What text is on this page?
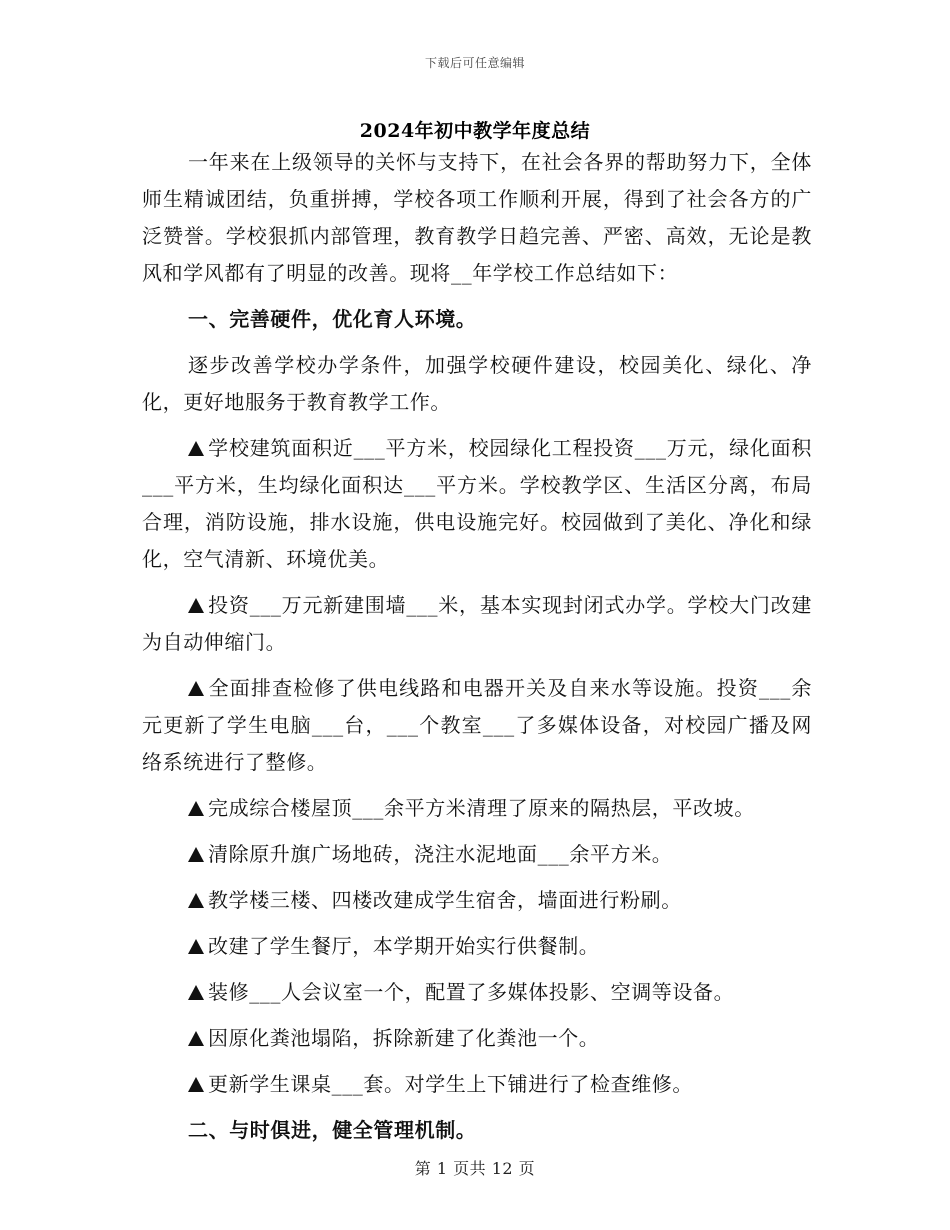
下载后可任意编辑
2024年初中教学年度总结

一年来在上级领导的关怀与支持下，在社会各界的帮助努力下，全体师生精诚团结，负重拼搏，学校各项工作顺利开展，得到了社会各方的广泛赞誉。学校狠抓内部管理，教育教学日趋完善、严密、高效，无论是教风和学风都有了明显的改善。现将__年学校工作总结如下：

一、完善硬件，优化育人环境。

逐步改善学校办学条件，加强学校硬件建设，校园美化、绿化、净化，更好地服务于教育教学工作。

学校建筑面积近___平方米，校园绿化工程投资___万元，绿化面积___平方米，生均绿化面积达___平方米。学校教学区、生活区分离，布局合理，消防设施，排水设施，供电设施完好。校园做到了美化、净化和绿化，空气清新、环境优美。

投资___万元新建围墙___米，基本实现封闭式办学。学校大门改建为自动伸缩门。

全面排查检修了供电线路和电器开关及自来水等设施。投资___余元更新了学生电脑___台，___个教室___了多媒体设备，对校园广播及网络系统进行了整修。

完成综合楼屋顶___余平方米清理了原来的隔热层，平改坡。

清除原升旗广场地砖，浇注水泥地面___余平方米。

教学楼三楼、四楼改建成学生宿舍，墙面进行粉刷。

改建了学生餐厅，本学期开始实行供餐制。

装修___人会议室一个，配置了多媒体投影、空调等设备。

因原化粪池塌陷，拆除新建了化粪池一个。

更新学生课桌___套。对学生上下铺进行了检查维修。

二、与时俱进，健全管理机制。

第 1 页共 12 页
